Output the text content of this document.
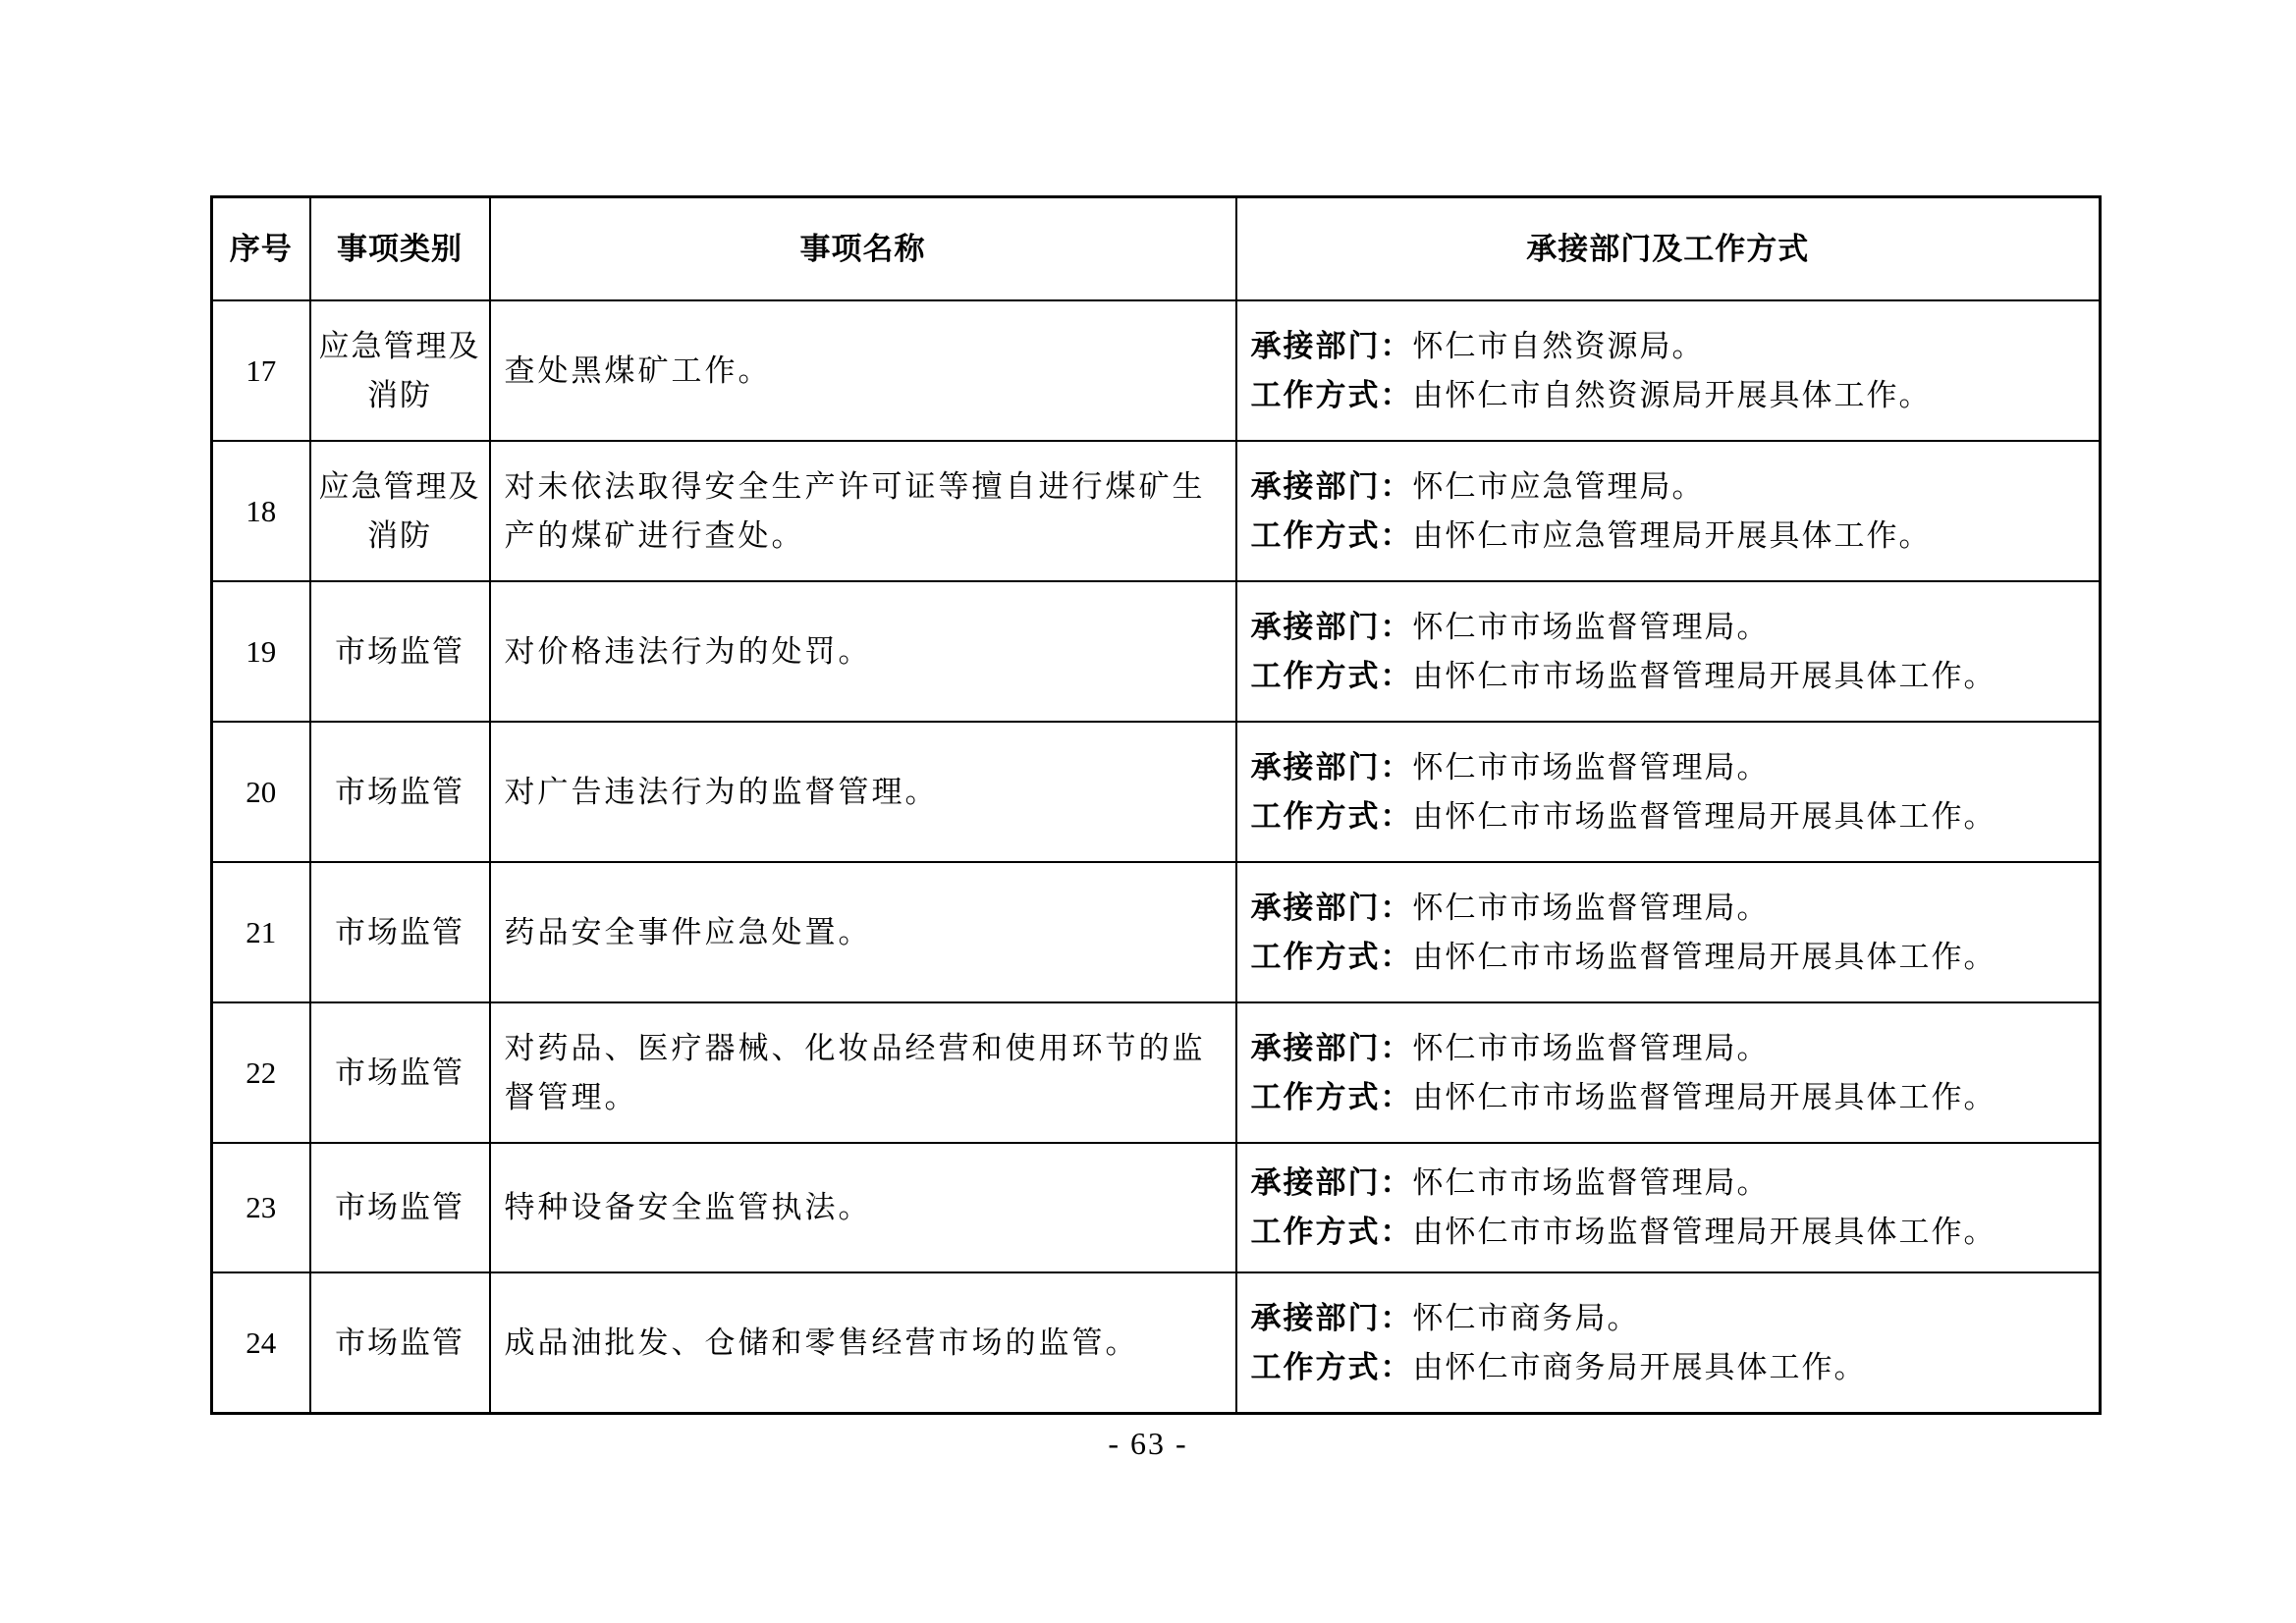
序号	事项类别	事项名称	承接部门及工作方式
17	应急管理及消防	查处黑煤矿工作。	承接部门：怀仁市自然资源局。
工作方式：由怀仁市自然资源局开展具体工作。

18	应急管理及消防	对未依法取得安全生产许可证等擅自进行煤矿生产的煤矿进行查处。	承接部门：怀仁市应急管理局。
工作方式：由怀仁市应急管理局开展具体工作。

19	市场监管	对价格违法行为的处罚。	承接部门：怀仁市市场监督管理局。
工作方式：由怀仁市市场监督管理局开展具体工作。

20	市场监管	对广告违法行为的监督管理。	承接部门：怀仁市市场监督管理局。
工作方式：由怀仁市市场监督管理局开展具体工作。

21	市场监管	药品安全事件应急处置。	承接部门：怀仁市市场监督管理局。
工作方式：由怀仁市市场监督管理局开展具体工作。

22	市场监管	对药品、医疗器械、化妆品经营和使用环节的监督管理。	承接部门：怀仁市市场监督管理局。
工作方式：由怀仁市市场监督管理局开展具体工作。

23	市场监管	特种设备安全监管执法。	承接部门：怀仁市市场监督管理局。
工作方式：由怀仁市市场监督管理局开展具体工作。

24	市场监管	成品油批发、仓储和零售经营市场的监管。	承接部门：怀仁市商务局。
工作方式：由怀仁市商务局开展具体工作。
- 63 -
